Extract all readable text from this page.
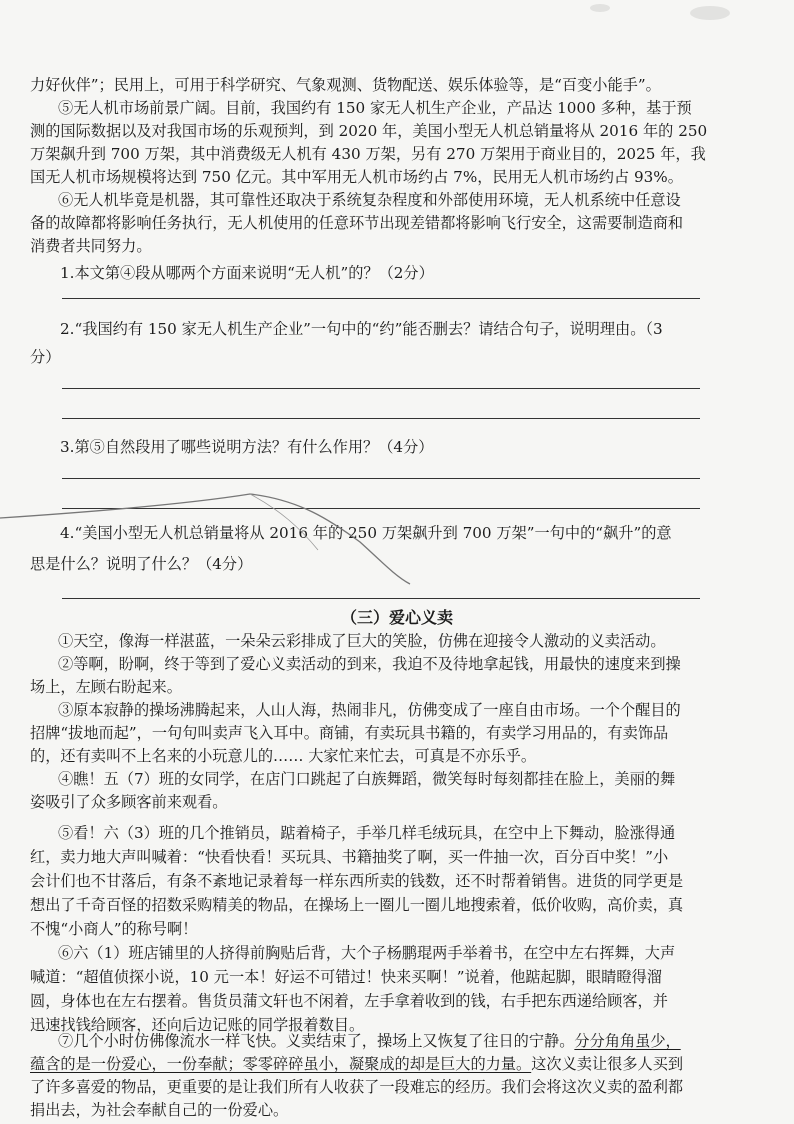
力好伙伴”；民用上，可用于科学研究、气象观测、货物配送、娱乐体验等，是“百变小能手”。
⑤无人机市场前景广阔。目前，我国约有 150 家无人机生产企业，产品达 1000 多种，基于预
测的国际数据以及对我国市场的乐观预判，到 2020 年，美国小型无人机总销量将从 2016 年的 250
万架飙升到 700 万架，其中消费级无人机有 430 万架，另有 270 万架用于商业目的，2025 年，我
国无人机市场规模将达到 750 亿元。其中军用无人机市场约占 7%，民用无人机市场约占 93%。
⑥无人机毕竟是机器，其可靠性还取决于系统复杂程度和外部使用环境，无人机系统中任意设
备的故障都将影响任务执行，无人机使用的任意环节出现差错都将影响飞行安全，这需要制造商和
消费者共同努力。
1.本文第④段从哪两个方面来说明“无人机”的？（2分）
2.“我国约有 150 家无人机生产企业”一句中的“约”能否删去？请结合句子，说明理由。（3
分）
3.第⑤自然段用了哪些说明方法？有什么作用？（4分）
4.“美国小型无人机总销量将从 2016 年的 250 万架飙升到 700 万架”一句中的“飙升”的意
思是什么？说明了什么？（4分）
（三）爱心义卖
①天空，像海一样湛蓝，一朵朵云彩排成了巨大的笑脸，仿佛在迎接令人激动的义卖活动。
②等啊，盼啊，终于等到了爱心义卖活动的到来，我迫不及待地拿起钱，用最快的速度来到操
场上，左顾右盼起来。
③原本寂静的操场沸腾起来，人山人海，热闹非凡，仿佛变成了一座自由市场。一个个醒目的
招牌“拔地而起”，一句句叫卖声飞入耳中。商铺，有卖玩具书籍的，有卖学习用品的，有卖饰品
的，还有卖叫不上名来的小玩意儿的…… 大家忙来忙去，可真是不亦乐乎。
④瞧！五（7）班的女同学，在店门口跳起了白族舞蹈，微笑每时每刻都挂在脸上，美丽的舞
姿吸引了众多顾客前来观看。
⑤看！六（3）班的几个推销员，踮着椅子，手举几样毛绒玩具，在空中上下舞动，脸涨得通
红，卖力地大声叫喊着：“快看快看！买玩具、书籍抽奖了啊，买一件抽一次，百分百中奖！”小
会计们也不甘落后，有条不紊地记录着每一样东西所卖的钱数，还不时帮着销售。进货的同学更是
想出了千奇百怪的招数采购精美的物品，在操场上一圈儿一圈儿地搜索着，低价收购，高价卖，真
不愧“小商人”的称号啊！
⑥六（1）班店铺里的人挤得前胸贴后背，大个子杨鹏琨两手举着书，在空中左右挥舞，大声
喊道：“超值侦探小说，10 元一本！好运不可错过！快来买啊！”说着，他踮起脚，眼睛瞪得溜
圆，身体也在左右摆着。售货员蒲文轩也不闲着，左手拿着收到的钱，右手把东西递给顾客，并
迅速找钱给顾客，还向后边记账的同学报着数目。
⑦几个小时仿佛像流水一样飞快。义卖结束了，操场上又恢复了往日的宁静。分分角角虽少，
蕴含的是一份爱心，一份奉献；零零碎碎虽小，凝聚成的却是巨大的力量。这次义卖让很多人买到
了许多喜爱的物品，更重要的是让我们所有人收获了一段难忘的经历。我们会将这次义卖的盈利都
捐出去，为社会奉献自己的一份爱心。
